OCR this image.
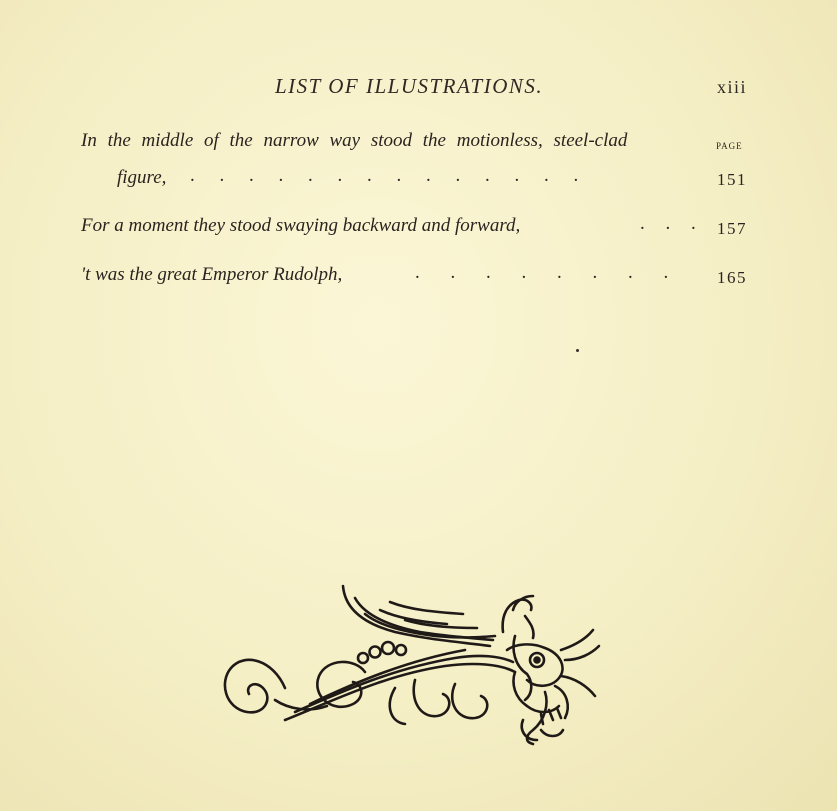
LIST OF ILLUSTRATIONS.	xiii
PAGE
In the middle of the narrow way stood the motionless, steel-clad
figure, . . . . . . . . . . . . . .	151
For a moment they stood swaying backward and forward,	. . . 157
't was the great Emperor Rudolph,	. . . . . . . .	165
